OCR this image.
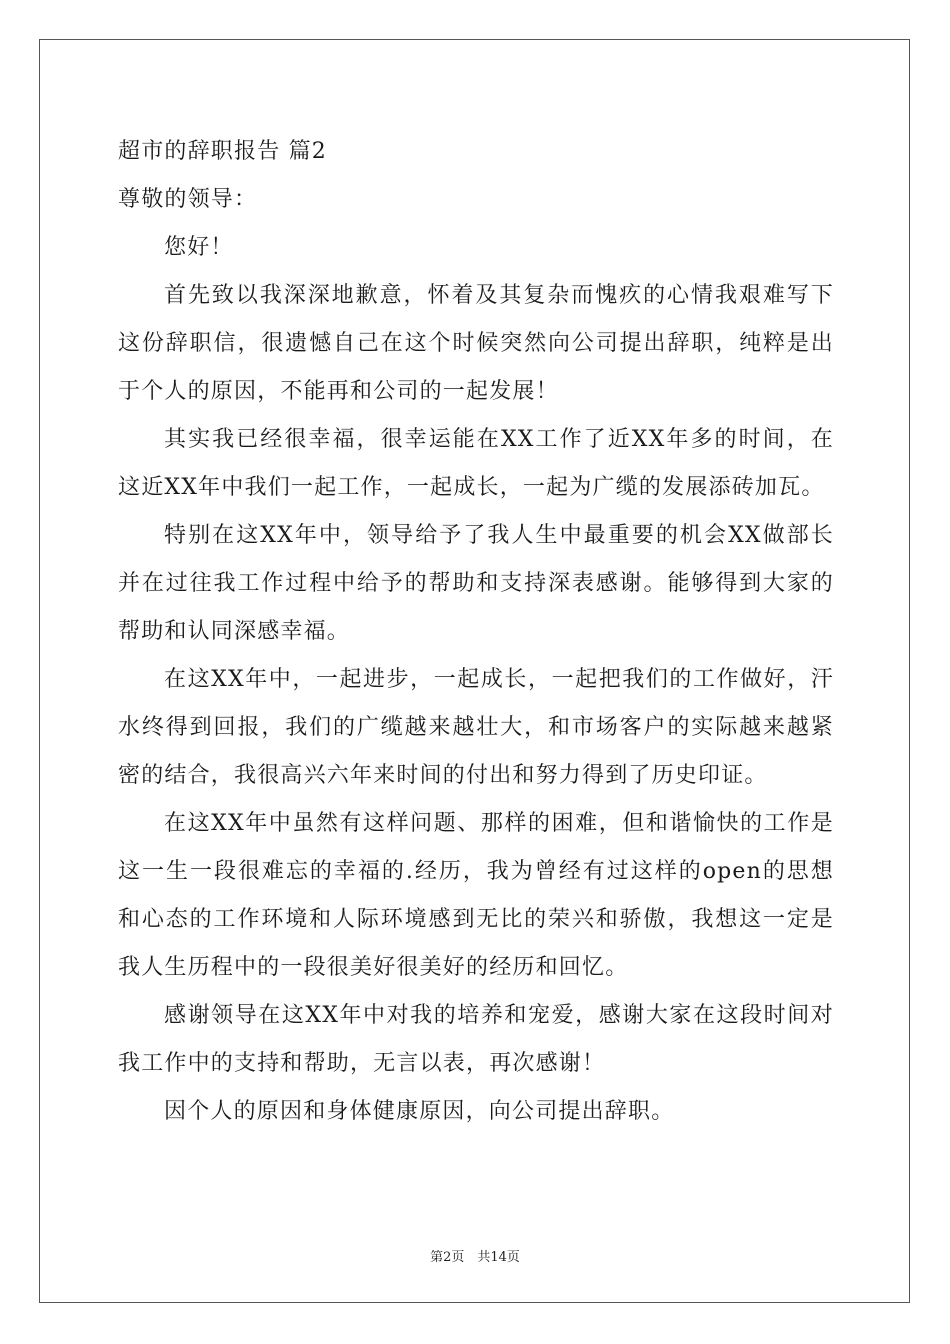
超市的辞职报告 篇2

尊敬的领导：

您好！

首先致以我深深地歉意，怀着及其复杂而愧疚的心情我艰难写下这份辞职信，很遗憾自己在这个时候突然向公司提出辞职，纯粹是出于个人的原因，不能再和公司的一起发展！

其实我已经很幸福，很幸运能在XX工作了近XX年多的时间，在这近XX年中我们一起工作，一起成长，一起为广缆的发展添砖加瓦。

特别在这XX年中，领导给予了我人生中最重要的机会XX做部长并在过往我工作过程中给予的帮助和支持深表感谢。能够得到大家的帮助和认同深感幸福。

在这XX年中，一起进步，一起成长，一起把我们的工作做好，汗水终得到回报，我们的广缆越来越壮大，和市场客户的实际越来越紧密的结合，我很高兴六年来时间的付出和努力得到了历史印证。

在这XX年中虽然有这样问题、那样的困难，但和谐愉快的工作是这一生一段很难忘的幸福的.经历，我为曾经有过这样的open的思想和心态的工作环境和人际环境感到无比的荣兴和骄傲，我想这一定是我人生历程中的一段很美好很美好的经历和回忆。

感谢领导在这XX年中对我的培养和宠爱，感谢大家在这段时间对我工作中的支持和帮助，无言以表，再次感谢！

因个人的原因和身体健康原因，向公司提出辞职。

第2页　共14页
